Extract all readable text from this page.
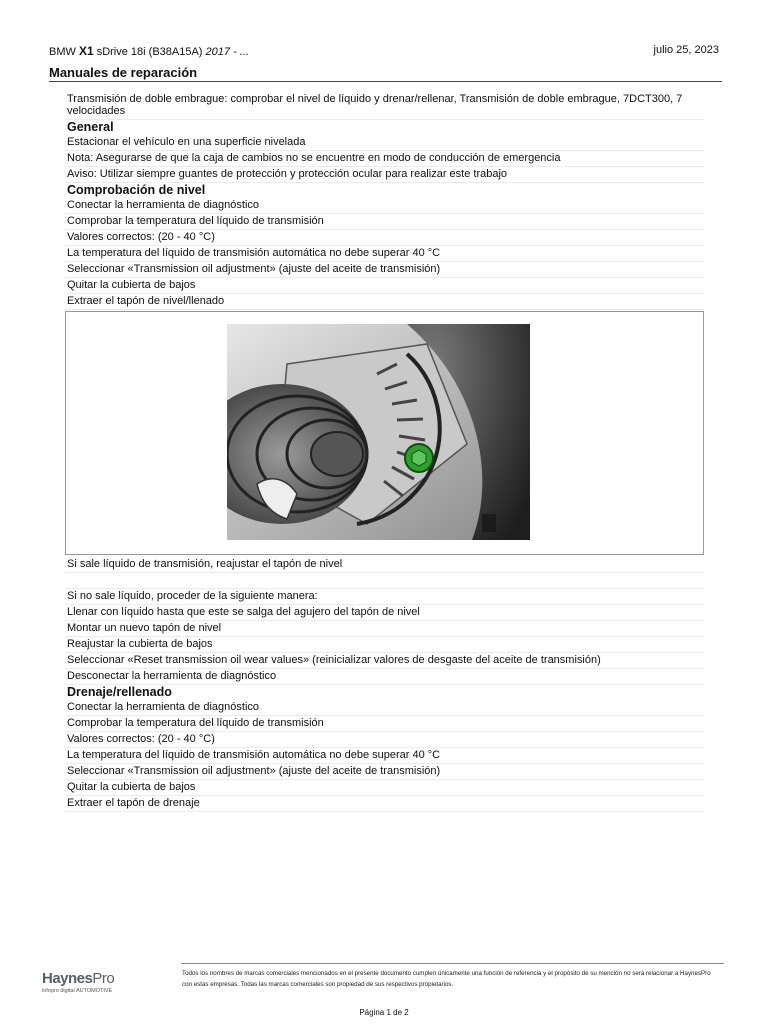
BMW X1 sDrive 18i (B38A15A) 2017 - ...	julio 25, 2023
Manuales de reparación
Transmisión de doble embrague: comprobar el nivel de líquido y drenar/rellenar, Transmisión de doble embrague, 7DCT300, 7 velocidades
General
Estacionar el vehículo en una superficie nivelada
Nota: Asegurarse de que la caja de cambios no se encuentre en modo de conducción de emergencia
Aviso: Utilizar siempre guantes de protección y protección ocular para realizar este trabajo
Comprobación de nivel
Conectar la herramienta de diagnóstico
Comprobar la temperatura del líquido de transmisión
Valores correctos: (20 - 40 °C)
La temperatura del líquido de transmisión automática no debe superar 40 °C
Seleccionar «Transmission oil adjustment» (ajuste del aceite de transmisión)
Quitar la cubierta de bajos
Extraer el tapón de nivel/llenado
Si sale líquido de transmisión, reajustar el tapón de nivel
Si no sale líquido, proceder de la siguiente manera:
Llenar con líquido hasta que este se salga del agujero del tapón de nivel
Montar un nuevo tapón de nivel
Reajustar la cubierta de bajos
Seleccionar «Reset transmission oil wear values» (reinicializar valores de desgaste del aceite de transmisión)
Desconectar la herramienta de diagnóstico
Drenaje/rellenado
Conectar la herramienta de diagnóstico
Comprobar la temperatura del líquido de transmisión
Valores correctos: (20 - 40 °C)
La temperatura del líquido de transmisión automática no debe superar 40 °C
Seleccionar «Transmission oil adjustment» (ajuste del aceite de transmisión)
Quitar la cubierta de bajos
Extraer el tapón de drenaje
HaynesPro
infopro digital AUTOMOTIVE
Todos los nombres de marcas comerciales mencionados en el presente documento cumplen únicamente una función de referencia y el propósito de su mención no será relacionar a HaynesPro con estas empresas. Todas las marcas comerciales son propiedad de sus respectivos propietarios.
Página 1 de 2
